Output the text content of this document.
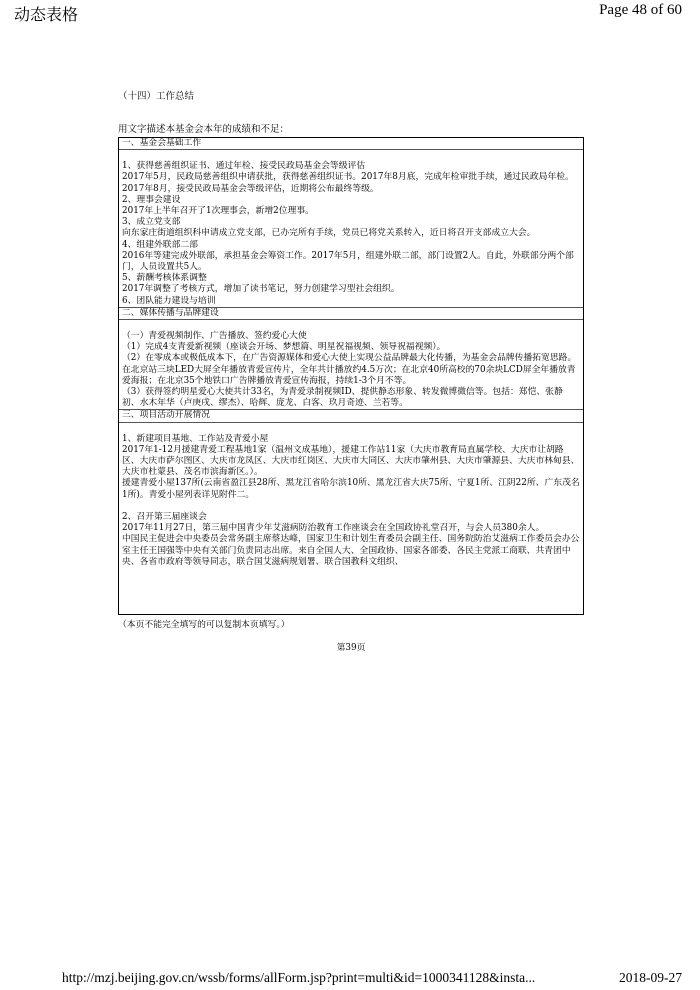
动态表格	Page 48 of 60
（十四）工作总结
用文字描述本基金会本年的成绩和不足：
一、基金会基础工作

1、获得慈善组织证书、通过年检、接受民政局基金会等级评估

2017年5月，民政局慈善组织申请获批，获得慈善组织证书。2017年8月底，完成年检审批手续，通过民政局年检。2017年8月，接受民政局基金会等级评估，近期将公布最终等级。

2、理事会建设

2017年上半年召开了1次理事会，新增2位理事。

3、成立党支部

向东家庄街道组织科申请成立党支部，已办完所有手续，党员已将党关系转入，近日将召开支部成立大会。

4、组建外联部二部

2016年等建完成外联部，承担基金会筹资工作。2017年5月，组建外联二部，部门设置2人。自此，外联部分两个部门，人员设置共5人。

5、薪酬考核体系调整

2017年调整了考核方式，增加了读书笔记，努力创建学习型社会组织。

6、团队能力建设与培训

二、媒体传播与品牌建设

（一）青爱视频制作、广告播放、签约爱心大使

（1）完成4支青爱新视频（座谈会开场、梦想篇、明星祝福视频、领导祝福视频）。

（2）在零成本或极低成本下，在广告资源媒体和爱心大使上实现公益品牌最大化传播，为基金会品牌传播拓宽思路。在北京站三块LED大屏全年播放青爱宣传片，全年共计播放约4.5万次；在北京40所高校的70余块LCD屏全年播放青爱海报；在北京35个地铁口广告牌播放青爱宣传海报，持续1-3个月不等。

（3）获得签约明星爱心大使共计33名，为青爱录制视频ID、提供静态形象、转发微博微信等。包括：郑恺、张静初、水木年华（卢庚戌、缪杰）、哈辉、庞龙、白客、玖月奇迹、兰若等。

三、项目活动开展情况

1、新建项目基地、工作站及青爱小屋

2017年1-12月援建青爱工程基地1家（温州文成基地），援建工作站11家（大庆市教育局直属学校、大庆市让胡路区、大庆市萨尔图区、大庆市龙凤区、大庆市红岗区、大庆市大同区、大庆市肇州县、大庆市肇源县、大庆市林甸县、大庆市杜蒙县、茂名市滨海新区。）。

援建青爱小屋137所(云南省盈江县28所、黑龙江省哈尔滨10所、黑龙江省大庆75所、宁夏1所、江阴22所、广东茂名1所)。青爱小屋列表详见附件二。

2、召开第三届座谈会

2017年11月27日，第三届中国青少年艾滋病防治教育工作座谈会在全国政协礼堂召开，与会人员380余人。

中国民主促进会中央委员会常务副主席蔡达峰，国家卫生和计划生育委员会副主任、国务院防治艾滋病工作委员会办公室主任王国强等中央有关部门负责同志出席。来自全国人大、全国政协、国家各部委、各民主党派工商联、共青团中央、各省市政府等领导同志，联合国艾滋病规划署、联合国教科文组织、

（本页不能完全填写的可以复制本页填写。）
第39页
http://mzj.beijing.gov.cn/wssb/forms/allForm.jsp?print=multi&id=1000341128&insta...	2018-09-27
